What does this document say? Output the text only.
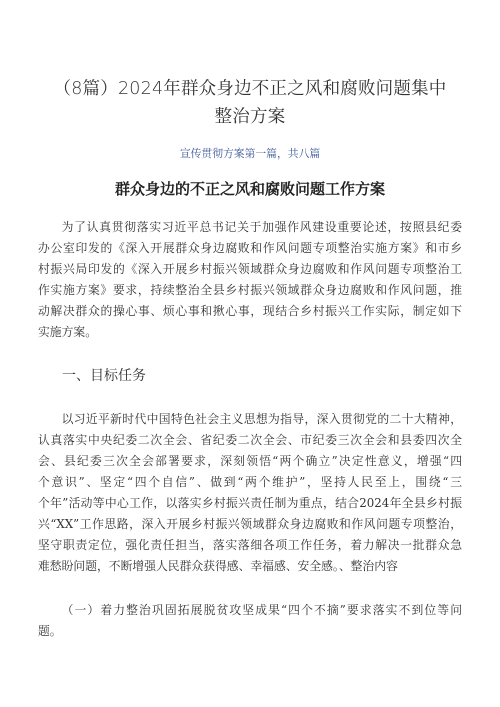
（8篇）2024年群众身边不正之风和腐败问题集中
整治方案
宣传贯彻方案第一篇，共八篇
群众身边的不正之风和腐败问题工作方案
为了认真贯彻落实习近平总书记关于加强作风建设重要论述，按照县纪委
办公室印发的《深入开展群众身边腐败和作风问题专项整治实施方案》和市乡
村振兴局印发的《深入开展乡村振兴领域群众身边腐败和作风问题专项整治工
作实施方案》要求，持续整治全县乡村振兴领域群众身边腐败和作风问题，推
动解决群众的操心事、烦心事和揪心事，现结合乡村振兴工作实际，制定如下
实施方案。
一、目标任务
以习近平新时代中国特色社会主义思想为指导，深入贯彻党的二十大精神，
认真落实中央纪委二次全会、省纪委二次全会、市纪委三次全会和县委四次全
会、县纪委三次全会部署要求，深刻领悟“两个确立”决定性意义，增强“四
个意识”、坚定“四个自信”、做到“两个维护”，坚持人民至上，围绕“三
个年”活动等中心工作，以落实乡村振兴责任制为重点，结合2024年全县乡村振
兴“XX”工作思路，深入开展乡村振兴领域群众身边腐败和作风问题专项整治，
坚守职责定位，强化责任担当，落实落细各项工作任务，着力解决一批群众急
难愁盼问题，不断增强人民群众获得感、幸福感、安全感。、整治内容
（一）着力整治巩固拓展脱贫攻坚成果“四个不摘”要求落实不到位等问
题。
